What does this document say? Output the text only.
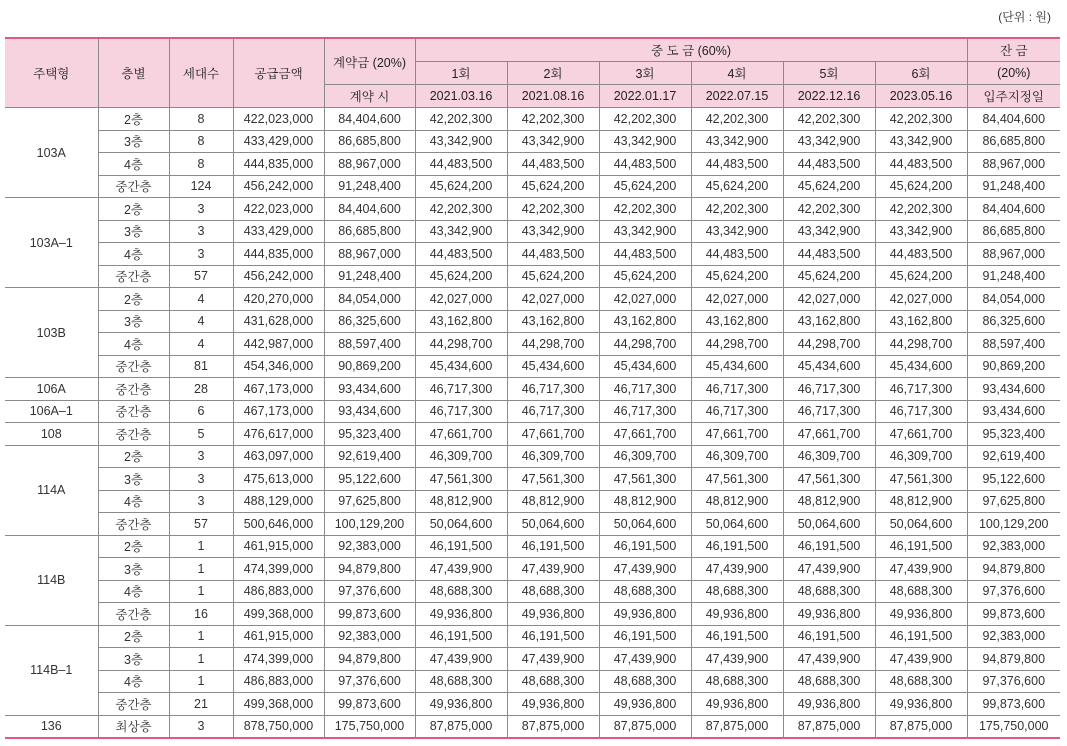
(단위 : 원)
주택형	층별	세대수	공급금액	계약금 (20%)	중 도 금 (60%)						잔 금
					1회	2회	3회	4회	5회	6회	(20%)
				계약 시	2021.03.16	2021.08.16	2022.01.17	2022.07.15	2022.12.16	2023.05.16	입주지정일
103A	2층	8	422,023,000	84,404,600	42,202,300	42,202,300	42,202,300	42,202,300	42,202,300	42,202,300	84,404,600
	3층	8	433,429,000	86,685,800	43,342,900	43,342,900	43,342,900	43,342,900	43,342,900	43,342,900	86,685,800
	4층	8	444,835,000	88,967,000	44,483,500	44,483,500	44,483,500	44,483,500	44,483,500	44,483,500	88,967,000
	중간층	124	456,242,000	91,248,400	45,624,200	45,624,200	45,624,200	45,624,200	45,624,200	45,624,200	91,248,400
103A–1	2층	3	422,023,000	84,404,600	42,202,300	42,202,300	42,202,300	42,202,300	42,202,300	42,202,300	84,404,600
	3층	3	433,429,000	86,685,800	43,342,900	43,342,900	43,342,900	43,342,900	43,342,900	43,342,900	86,685,800
	4층	3	444,835,000	88,967,000	44,483,500	44,483,500	44,483,500	44,483,500	44,483,500	44,483,500	88,967,000
	중간층	57	456,242,000	91,248,400	45,624,200	45,624,200	45,624,200	45,624,200	45,624,200	45,624,200	91,248,400
103B	2층	4	420,270,000	84,054,000	42,027,000	42,027,000	42,027,000	42,027,000	42,027,000	42,027,000	84,054,000
	3층	4	431,628,000	86,325,600	43,162,800	43,162,800	43,162,800	43,162,800	43,162,800	43,162,800	86,325,600
	4층	4	442,987,000	88,597,400	44,298,700	44,298,700	44,298,700	44,298,700	44,298,700	44,298,700	88,597,400
	중간층	81	454,346,000	90,869,200	45,434,600	45,434,600	45,434,600	45,434,600	45,434,600	45,434,600	90,869,200
106A	중간층	28	467,173,000	93,434,600	46,717,300	46,717,300	46,717,300	46,717,300	46,717,300	46,717,300	93,434,600
106A–1	중간층	6	467,173,000	93,434,600	46,717,300	46,717,300	46,717,300	46,717,300	46,717,300	46,717,300	93,434,600
108	중간층	5	476,617,000	95,323,400	47,661,700	47,661,700	47,661,700	47,661,700	47,661,700	47,661,700	95,323,400
114A	2층	3	463,097,000	92,619,400	46,309,700	46,309,700	46,309,700	46,309,700	46,309,700	46,309,700	92,619,400
	3층	3	475,613,000	95,122,600	47,561,300	47,561,300	47,561,300	47,561,300	47,561,300	47,561,300	95,122,600
	4층	3	488,129,000	97,625,800	48,812,900	48,812,900	48,812,900	48,812,900	48,812,900	48,812,900	97,625,800
	중간층	57	500,646,000	100,129,200	50,064,600	50,064,600	50,064,600	50,064,600	50,064,600	50,064,600	100,129,200
114B	2층	1	461,915,000	92,383,000	46,191,500	46,191,500	46,191,500	46,191,500	46,191,500	46,191,500	92,383,000
	3층	1	474,399,000	94,879,800	47,439,900	47,439,900	47,439,900	47,439,900	47,439,900	47,439,900	94,879,800
	4층	1	486,883,000	97,376,600	48,688,300	48,688,300	48,688,300	48,688,300	48,688,300	48,688,300	97,376,600
	중간층	16	499,368,000	99,873,600	49,936,800	49,936,800	49,936,800	49,936,800	49,936,800	49,936,800	99,873,600
114B–1	2층	1	461,915,000	92,383,000	46,191,500	46,191,500	46,191,500	46,191,500	46,191,500	46,191,500	92,383,000
	3층	1	474,399,000	94,879,800	47,439,900	47,439,900	47,439,900	47,439,900	47,439,900	47,439,900	94,879,800
	4층	1	486,883,000	97,376,600	48,688,300	48,688,300	48,688,300	48,688,300	48,688,300	48,688,300	97,376,600
	중간층	21	499,368,000	99,873,600	49,936,800	49,936,800	49,936,800	49,936,800	49,936,800	49,936,800	99,873,600
136	최상층	3	878,750,000	175,750,000	87,875,000	87,875,000	87,875,000	87,875,000	87,875,000	87,875,000	175,750,000
